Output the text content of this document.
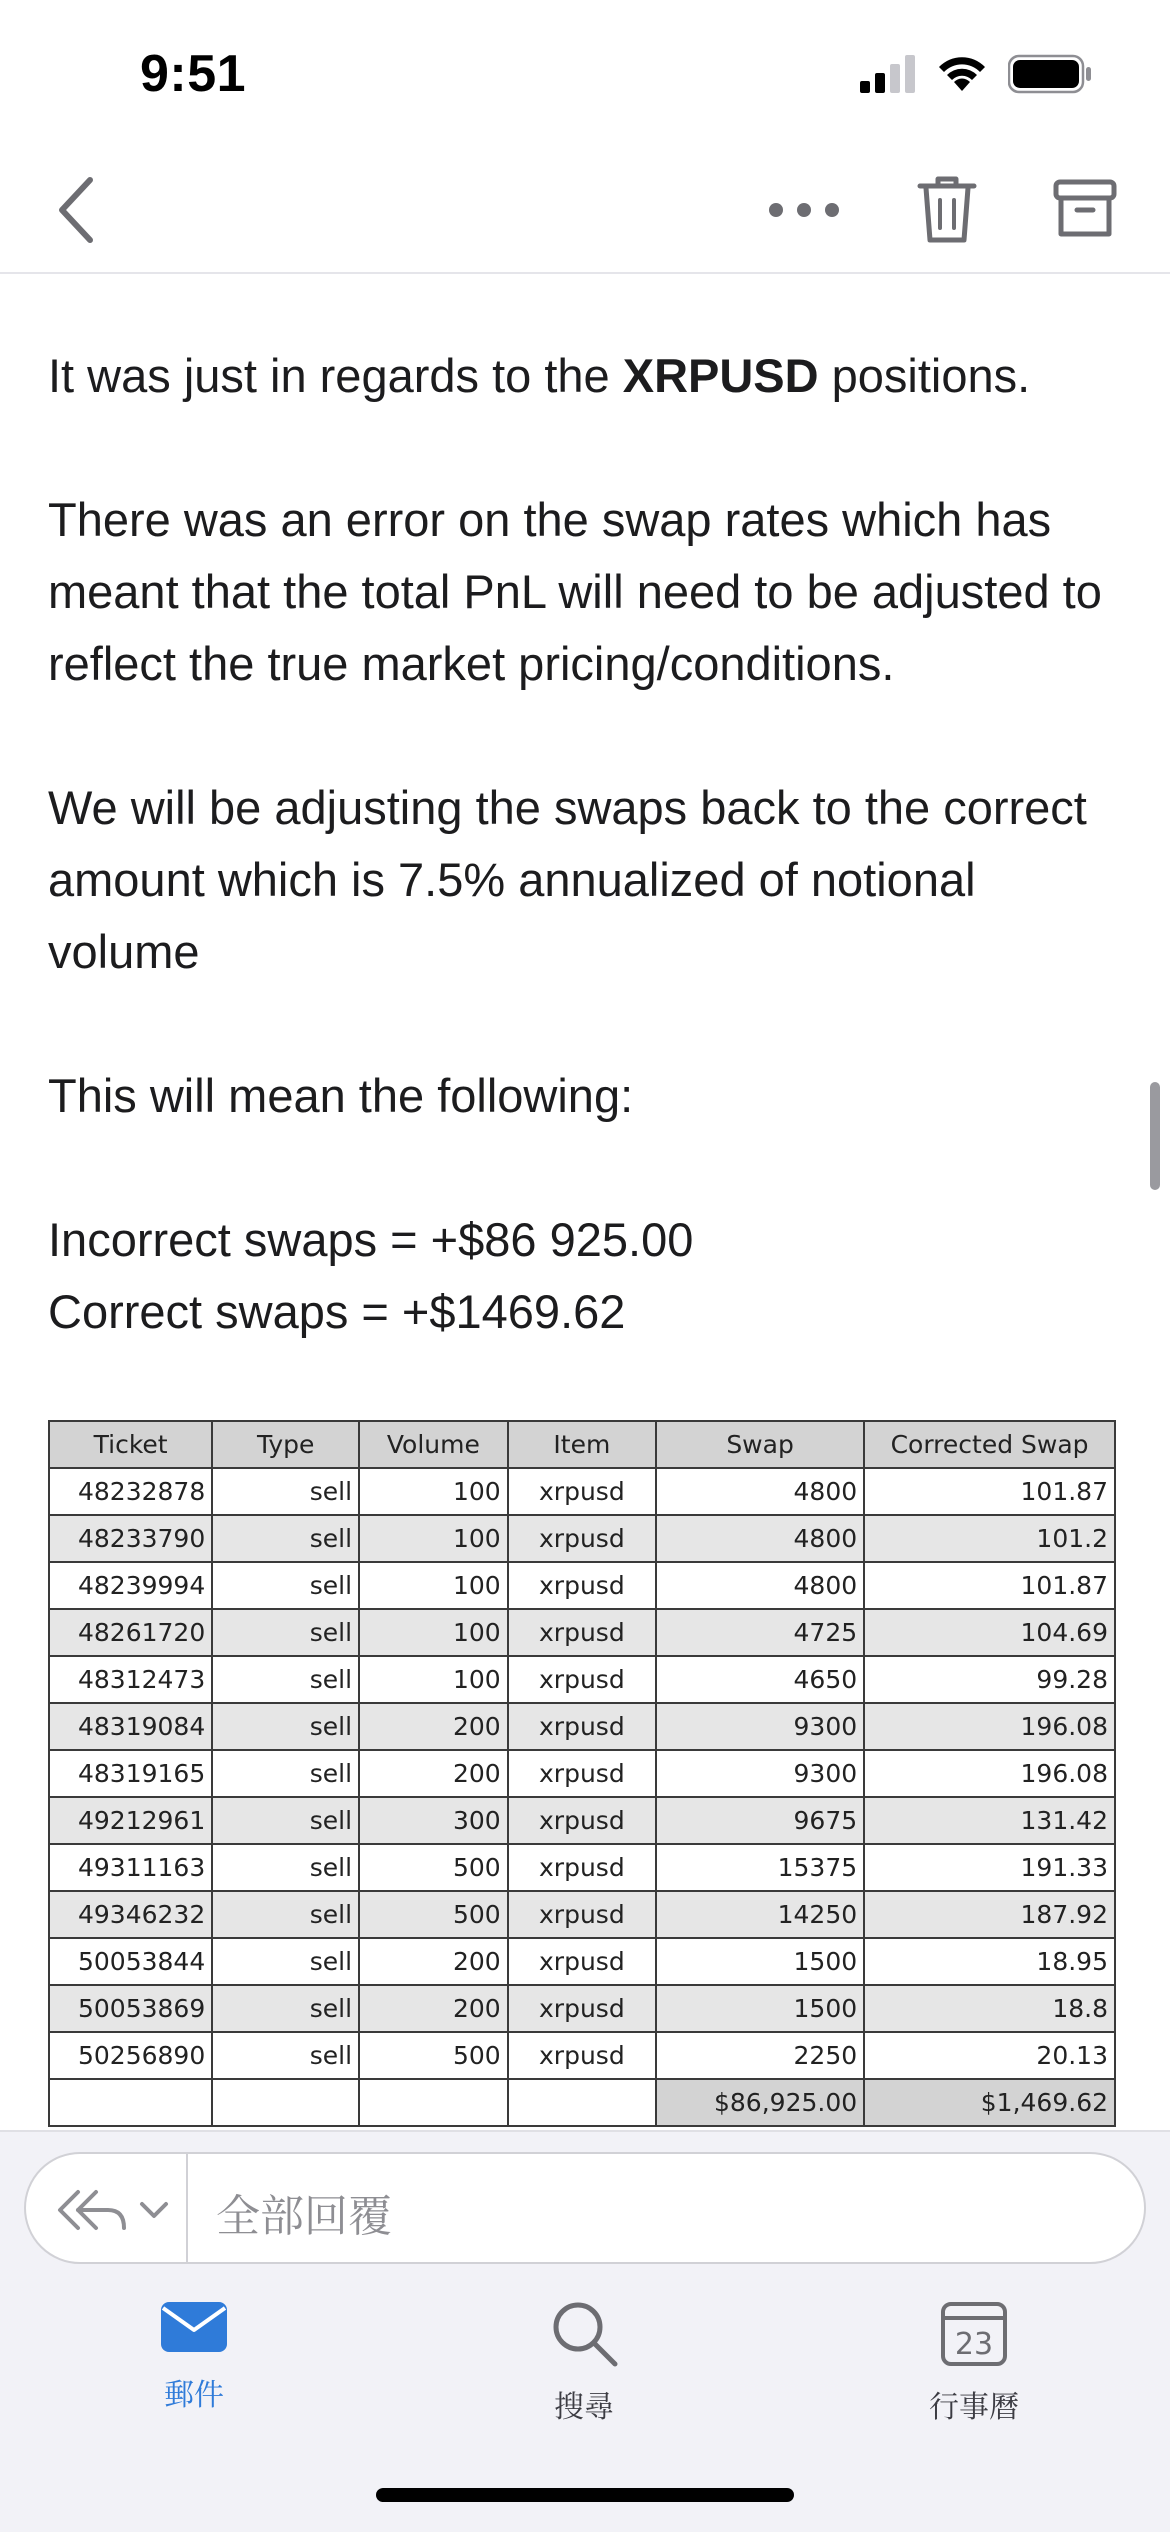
9:51

It was just in regards to the XRPUSD positions.

There was an error on the swap rates which has meant that the total PnL will need to be adjusted to reflect the true market pricing/conditions.

We will be adjusting the swaps back to the correct amount which is 7.5% annualized of notional volume

This will mean the following:

Incorrect swaps = +$86 925.00

Correct swaps = +$1469.62

Ticket	Type	Volume	Item	Swap	Corrected Swap
48232878	sell	100	xrpusd	4800	101.87
48233790	sell	100	xrpusd	4800	101.2
48239994	sell	100	xrpusd	4800	101.87
48261720	sell	100	xrpusd	4725	104.69
48312473	sell	100	xrpusd	4650	99.28
48319084	sell	200	xrpusd	9300	196.08
48319165	sell	200	xrpusd	9300	196.08
49212961	sell	300	xrpusd	9675	131.42
49311163	sell	500	xrpusd	15375	191.33
49346232	sell	500	xrpusd	14250	187.92
50053844	sell	200	xrpusd	1500	18.95
50053869	sell	200	xrpusd	1500	18.8
50256890	sell	500	xrpusd	2250	20.13
				$86,925.00	$1,469.62
全部回覆
郵件	搜尋
23
行事曆
